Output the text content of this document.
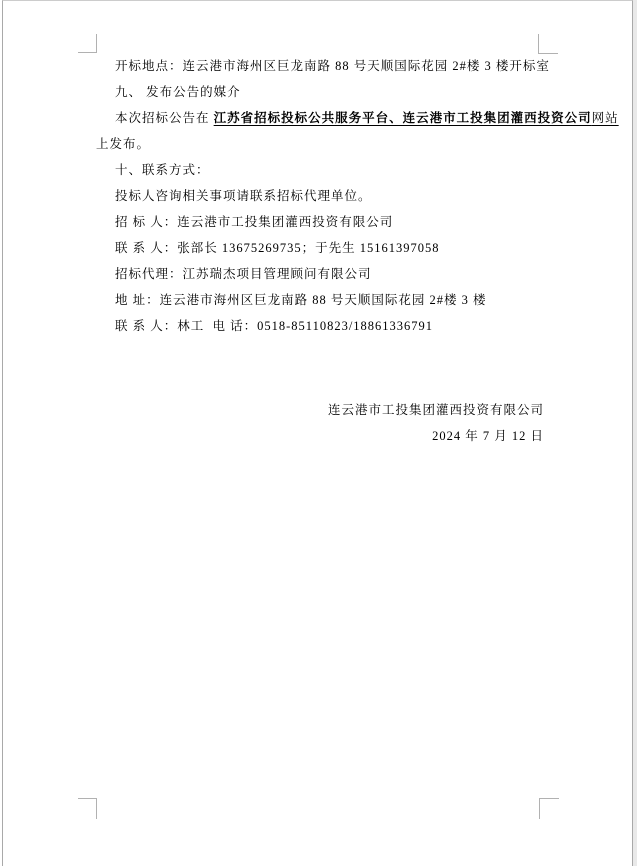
开标地点：连云港市海州区巨龙南路 88 号天顺国际花园 2#楼 3 楼开标室

九、 发布公告的媒介

本次招标公告在 江苏省招标投标公共服务平台、连云港市工投集团灌西投资公司网站

上发布。

十、联系方式：

投标人咨询相关事项请联系招标代理单位。

招 标 人：连云港市工投集团灌西投资有限公司

联 系 人：张部长 13675269735；于先生 15161397058

招标代理：江苏瑞杰项目管理顾问有限公司

地 址：连云港市海州区巨龙南路 88 号天顺国际花园 2#楼 3 楼

联 系 人：林工  电 话：0518-85110823/18861336791

连云港市工投集团灌西投资有限公司

2024 年 7 月 12 日
